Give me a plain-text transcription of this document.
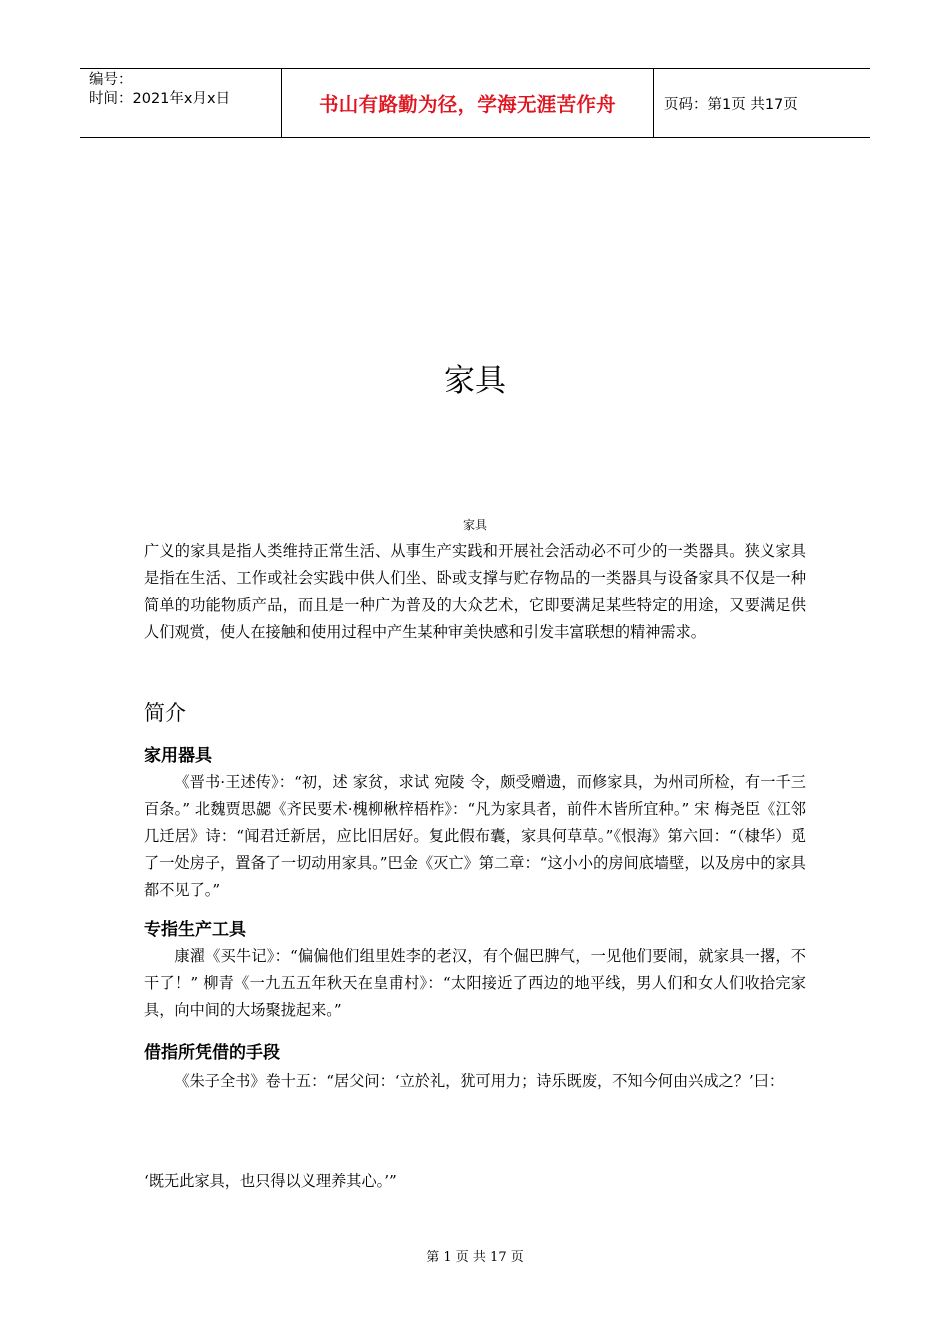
编号：
时间：2021年x月x日	书山有路勤为径，学海无涯苦作舟	页码：第1页 共17页
家具
家具
广义的家具是指人类维持正常生活、从事生产实践和开展社会活动必不可少的一类器具。狭义家具是指在生活、工作或社会实践中供人们坐、卧或支撑与贮存物品的一类器具与设备家具不仅是一种简单的功能物质产品，而且是一种广为普及的大众艺术，它即要满足某些特定的用途，又要满足供人们观赏，使人在接触和使用过程中产生某种审美快感和引发丰富联想的精神需求。
简介
家用器具
《晋书·王述传》：“初，述 家贫，求试 宛陵 令，颇受赠遗，而修家具，为州司所检，有一千三百条。” 北魏贾思勰《齐民要术·槐柳楸梓梧柞》：“凡为家具者，前件木皆所宜种。” 宋 梅尧臣《江邻几迁居》诗：“闻君迁新居，应比旧居好。复此假布囊，家具何草草。”《恨海》第六回：“（棣华）觅了一处房子，置备了一切动用家具。”巴金《灭亡》第二章：“这小小的房间底墙壁，以及房中的家具都不见了。”
专指生产工具
康濯《买牛记》：“偏偏他们组里姓李的老汉，有个倔巴脾气，一见他们要闹，就家具一撂，不干了！” 柳青《一九五五年秋天在皇甫村》：“太阳接近了西边的地平线，男人们和女人们收拾完家具，向中间的大场聚拢起来。”
借指所凭借的手段
《朱子全书》卷十五：“居父问：‘立於礼，犹可用力；诗乐既废，不知今何由兴成之？’曰：
‘既无此家具，也只得以义理养其心。’”
第 1 页 共 17 页
